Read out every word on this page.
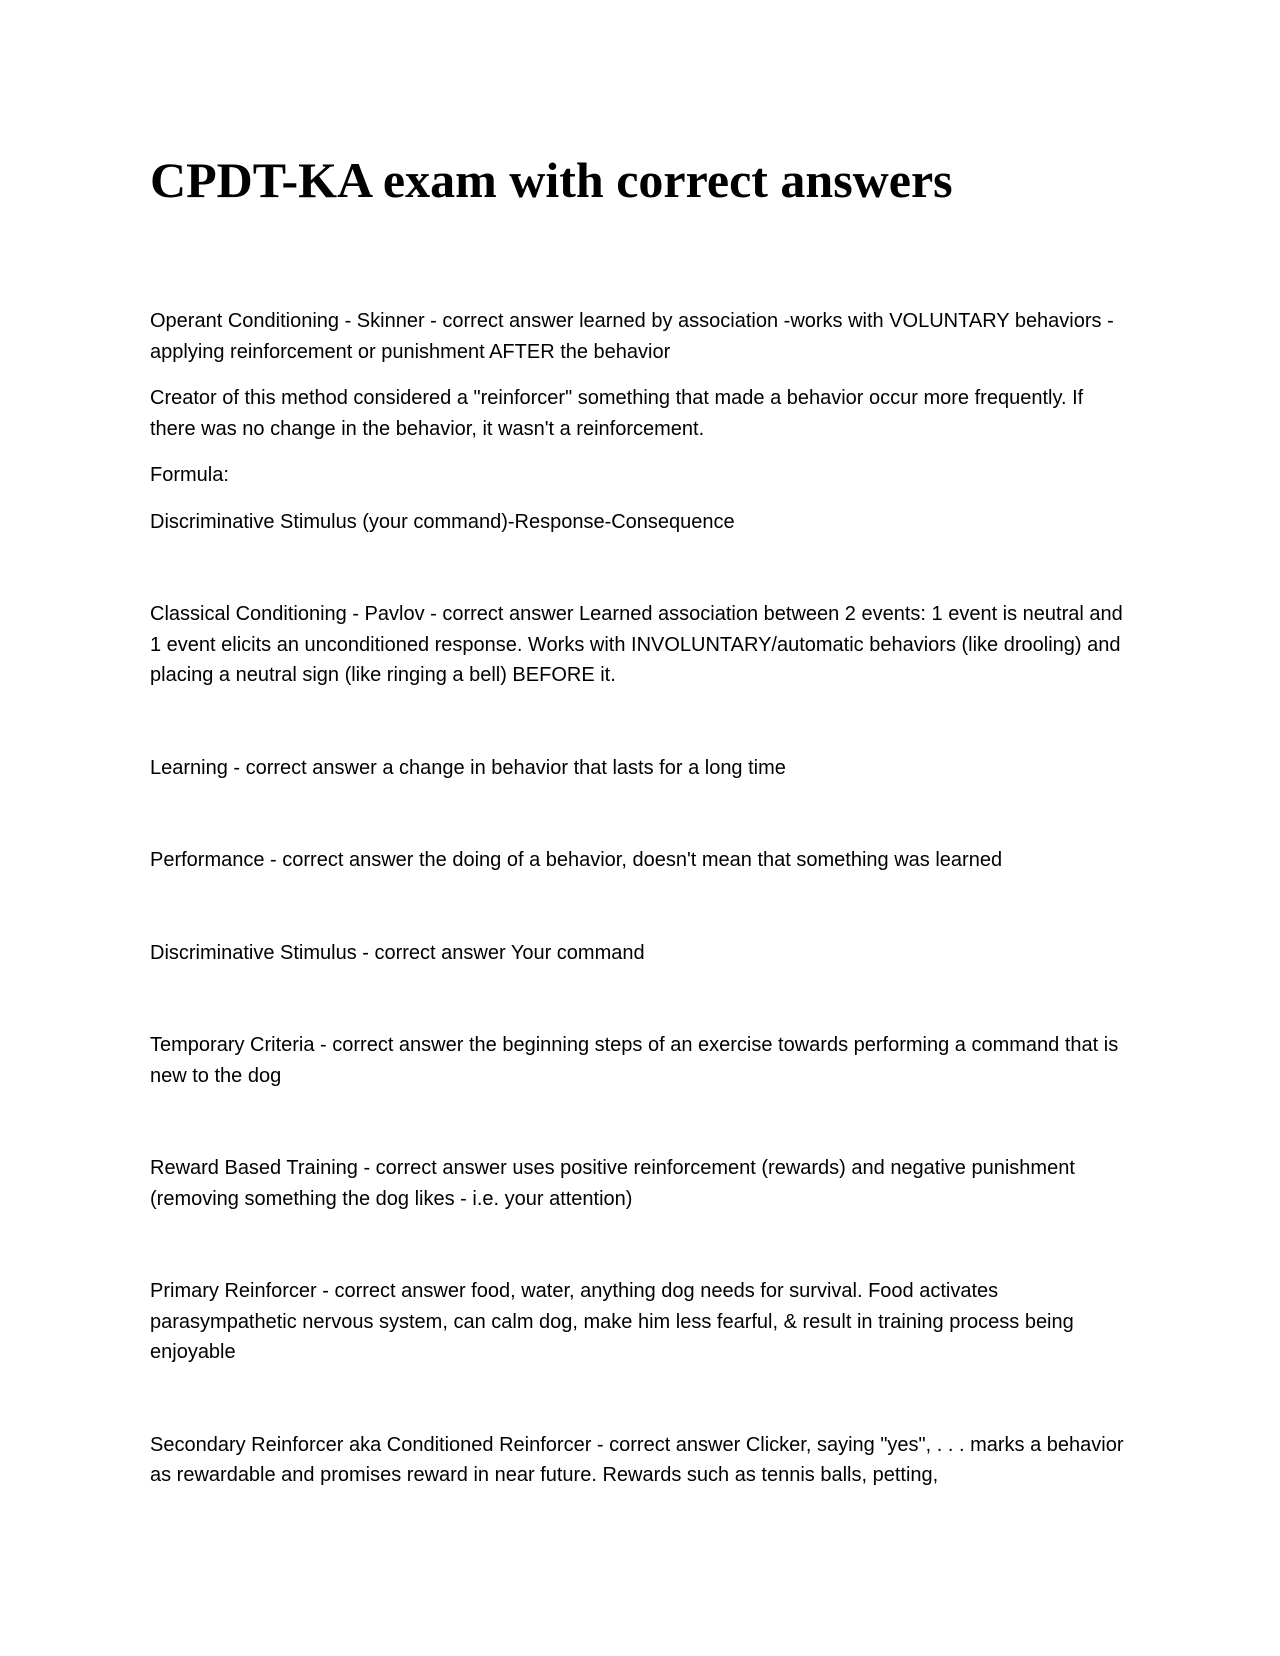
CPDT-KA exam with correct answers

Operant Conditioning - Skinner - correct answer learned by association -works with VOLUNTARY behaviors - applying reinforcement or punishment AFTER the behavior

Creator of this method considered a "reinforcer" something that made a behavior occur more frequently. If there was no change in the behavior, it wasn't a reinforcement.

Formula:

Discriminative Stimulus (your command)-Response-Consequence

Classical Conditioning - Pavlov - correct answer Learned association between 2 events: 1 event is neutral and 1 event elicits an unconditioned response. Works with INVOLUNTARY/automatic behaviors (like drooling) and placing a neutral sign (like ringing a bell) BEFORE it.

Learning - correct answer a change in behavior that lasts for a long time

Performance - correct answer the doing of a behavior, doesn't mean that something was learned

Discriminative Stimulus - correct answer Your command

Temporary Criteria - correct answer the beginning steps of an exercise towards performing a command that is new to the dog

Reward Based Training - correct answer uses positive reinforcement (rewards) and negative punishment (removing something the dog likes - i.e. your attention)

Primary Reinforcer - correct answer food, water, anything dog needs for survival. Food activates parasympathetic nervous system, can calm dog, make him less fearful, & result in training process being enjoyable

Secondary Reinforcer aka Conditioned Reinforcer - correct answer Clicker, saying "yes", . . . marks a behavior as rewardable and promises reward in near future. Rewards such as tennis balls, petting,
